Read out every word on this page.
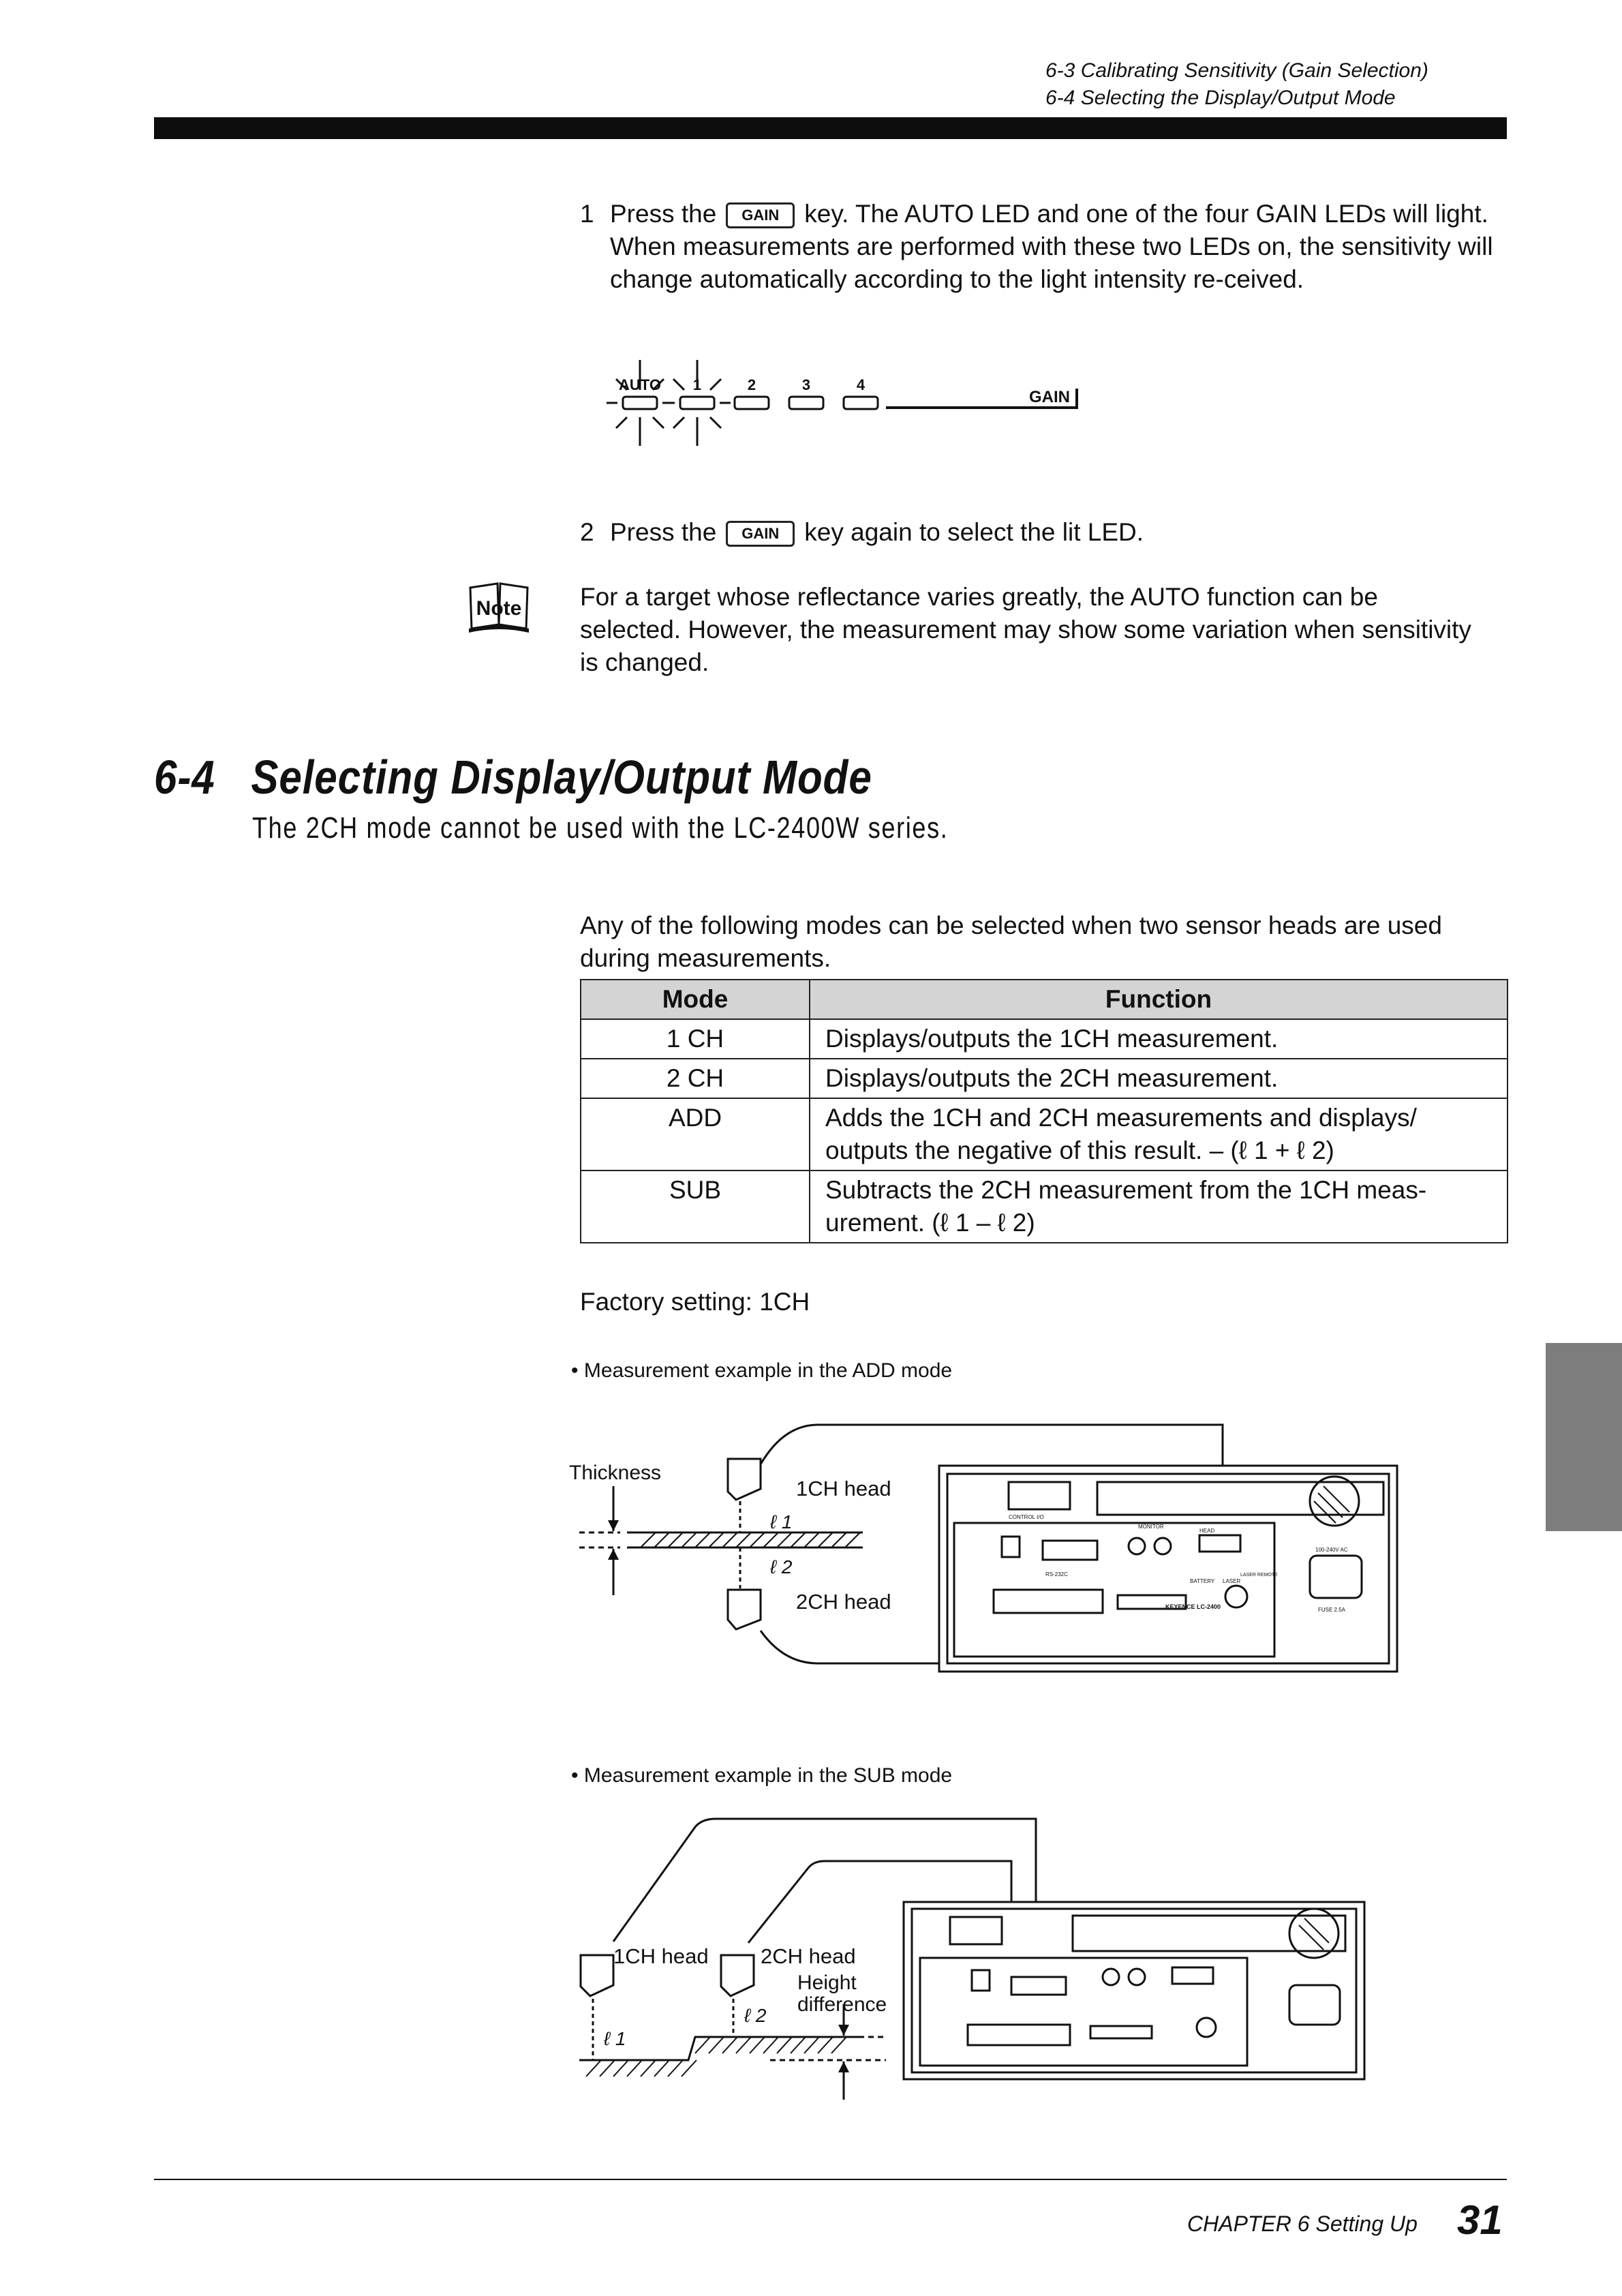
6-3 Calibrating Sensitivity (Gain Selection)
6-4 Selecting the Display/Output Mode
1 Press the GAIN key. The AUTO LED and one of the four GAIN LEDs will light. When measurements are performed with these two LEDs on, the sensitivity will change automatically according to the light intensity re-ceived.
AUTO 1	2	3	4
GAIN
2 Press the GAIN key again to select the lit LED.
Note For a target whose reflectance varies greatly, the AUTO function can be selected. However, the measurement may show some variation when sensitivity is changed.
6-4 Selecting Display/Output Mode
The 2CH mode cannot be used with the LC-2400W series.
Any of the following modes can be selected when two sensor heads are used during measurements.
Mode	Function
1 CH	Displays/outputs the 1CH measurement.
2 CH	Displays/outputs the 2CH measurement.
ADD	Adds the 1CH and 2CH measurements and displays/
outputs the negative of this result. – (ℓ 1 + ℓ 2)

SUB	Subtracts the 2CH measurement from the 1CH meas-
urement. (ℓ 1 – ℓ 2)
Factory setting: 1CH
• Measurement example in the ADD mode
Thickness
1CH head
2CH head
ℓ 1
ℓ 2
CONTROL I/O
MONITOR
HEAD
RS-232C
BATTERY LASER
LASER REMOTE
KEYENCE LC-2400
100-240V AC
FUSE 2.5A
• Measurement example in the SUB mode
1CH head 2CH head
Height
difference
ℓ 1
ℓ 2
CHAPTER 6 Setting Up 31
